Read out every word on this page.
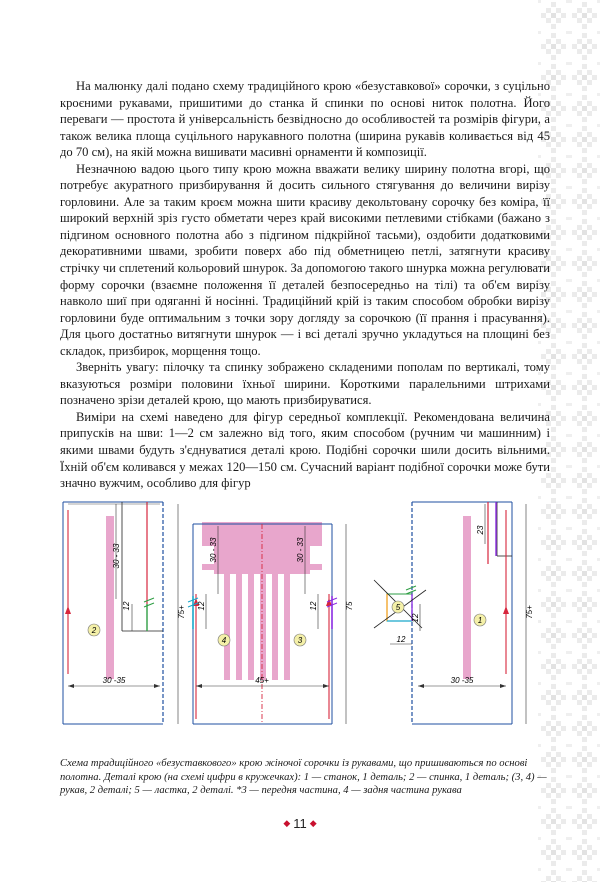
На малюнку далі подано схему традиційного крою «безуставкової» сорочки, з суцільно кроєними рукавами, пришитими до станка й спинки по основі ниток полотна. Його переваги — простота й універсальність безвідносно до особливостей та розмірів фігури, а також велика площа суцільного нарукавного полотна (ширина рукавів коливається від 45 до 70 см), на якій можна вишивати масивні орнаменти й композиції.

Незначною вадою цього типу крою можна вважати велику ширину полотна вгорі, що потребує акуратного призбирування й досить сильного стягування до величини вирізу горловини. Але за таким кроєм можна шити красиву декольтовану сорочку без коміра, її широкий верхній зріз густо обметати через край високими петлевими стібками (бажано з підгином основного полотна або з підгином підкрійної тасьми), оздобити додатковими декоративними швами, зробити поверх або під обметницею петлі, затягнути красиву стрічку чи сплетений кольоровий шнурок. За допомогою такого шнурка можна регулювати форму сорочки (взаємне положення її деталей безпосередньо на тілі) та об'єм вирізу навколо шиї при одяганні й носінні. Традиційний крій із таким способом обробки вирізу горловини буде оптимальним з точки зору догляду за сорочкою (її прання і прасування). Для цього достатньо витягнути шнурок — і всі деталі зручно укладуться на площині без складок, призбирок, морщення тощо.

Зверніть увагу: пілочку та спинку зображено складеними пополам по вертикалі, тому вказуються розміри половини їхньої ширини. Короткими паралельними штрихами позначено зрізи деталей крою, що мають призбируватися.

Виміри на схемі наведено для фігур середньої комплекції. Рекомендована величина припусків на шви: 1—2 см залежно від того, яким способом (ручним чи машинним) і якими швами будуть з'єднуватися деталі крою. Подібні сорочки шили досить вільними. Їхній об'єм коливався у межах 120—150 см. Сучасний варіант подібної сорочки може бути значно вужчим, особливо для фігур

2
30 - 33
12	75+
30 -35
4	3
30 - 33	30 - 33
12	12	75
45+
5
1
23
12	75+
12
30 -35

Схема традиційного «безуставкового» крою жіночої сорочки із рукавами, що пришиваються по основі полотна. Деталі крою (на схемі цифри в кружечках): 1 — станок, 1 деталь; 2 — спинка, 1 деталь; (3, 4) — рукав, 2 деталі; 5 — ластка, 2 деталі. *3 — передня частина, 4 — задня частина рукава

◆ 11 ◆
